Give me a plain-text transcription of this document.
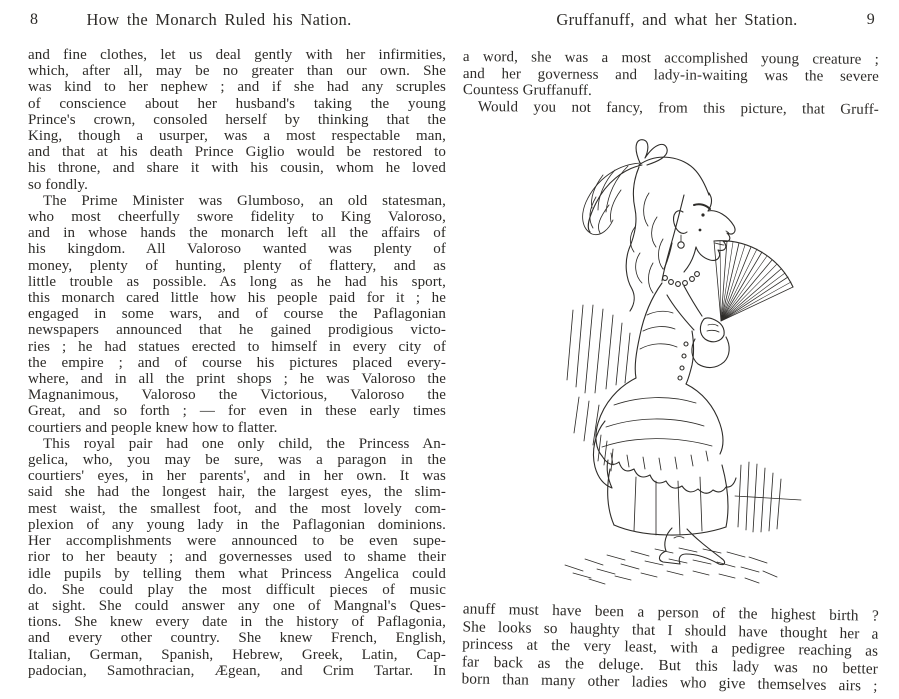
8	How the Monarch Ruled his Nation.
and fine clothes, let us deal gently with her infirmities,
which, after all, may be no greater than our own. She
was kind to her nephew ; and if she had any scruples
of conscience about her husband's taking the young
Prince's crown, consoled herself by thinking that the
King, though a usurper, was a most respectable man,
and that at his death Prince Giglio would be restored to
his throne, and share it with his cousin, whom he loved
so fondly.
The Prime Minister was Glumboso, an old statesman,
who most cheerfully swore fidelity to King Valoroso,
and in whose hands the monarch left all the affairs of
his kingdom. All Valoroso wanted was plenty of
money, plenty of hunting, plenty of flattery, and as
little trouble as possible. As long as he had his sport,
this monarch cared little how his people paid for it ; he
engaged in some wars, and of course the Paflagonian
newspapers announced that he gained prodigious victo-
ries ; he had statues erected to himself in every city of
the empire ; and of course his pictures placed every-
where, and in all the print shops ; he was Valoroso the
Magnanimous, Valoroso the Victorious, Valoroso the
Great, and so forth ; — for even in these early times
courtiers and people knew how to flatter.
This royal pair had one only child, the Princess An-
gelica, who, you may be sure, was a paragon in the
courtiers' eyes, in her parents', and in her own. It was
said she had the longest hair, the largest eyes, the slim-
mest waist, the smallest foot, and the most lovely com-
plexion of any young lady in the Paflagonian dominions.
Her accomplishments were announced to be even supe-
rior to her beauty ; and governesses used to shame their
idle pupils by telling them what Princess Angelica could
do. She could play the most difficult pieces of music
at sight. She could answer any one of Mangnal's Ques-
tions. She knew every date in the history of Paflagonia,
and every other country. She knew French, English,
Italian, German, Spanish, Hebrew, Greek, Latin, Cap-
padocian, Samothracian, Ægean, and Crim Tartar. In
Gruffanuff, and what her Station.	9
a word, she was a most accomplished young creature ;
and her governess and lady-in-waiting was the severe
Countess Gruffanuff.
Would you not fancy, from this picture, that Gruff-
anuff must have been a person of the highest birth ?
She looks so haughty that I should have thought her a
princess at the very least, with a pedigree reaching as
far back as the deluge. But this lady was no better
born than many other ladies who give themselves airs ;
